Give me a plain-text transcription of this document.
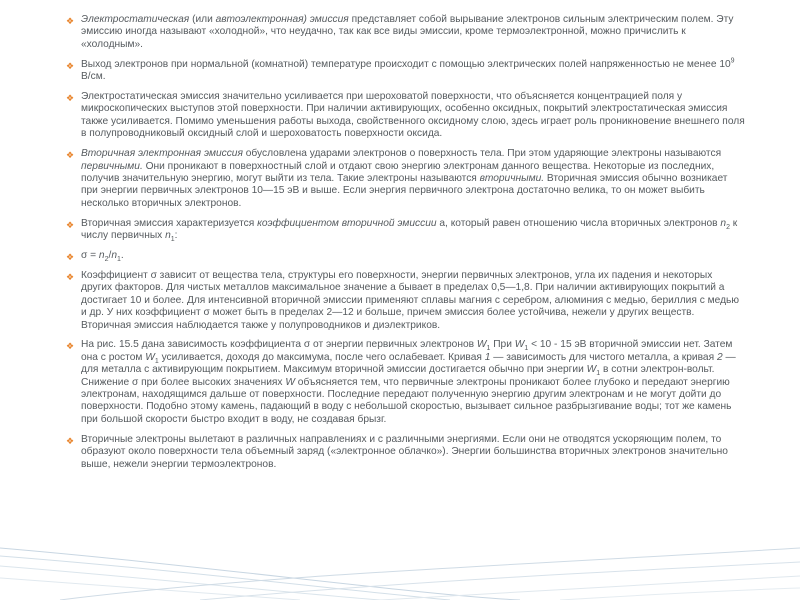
❖ Электростатическая (или автоэлектронная) эмиссия представляет собой вырывание электронов сильным электрическим полем. Эту эмиссию иногда называют «холодной», что неудачно, так как все виды эмиссии, кроме термоэлектронной, можно причислить к «холодным».

❖ Выход электронов при нормальной (комнатной) температуре происходит с помощью электрических полей напряженностью не менее $10^9$ В/см.

❖ Электростатическая эмиссия значительно усиливается при шероховатой поверхности, что объясняется концентрацией поля у микроскопических выступов этой поверхности. При наличии активирующих, особенно оксидных, покрытий электростатическая эмиссия также усиливается. Помимо уменьшения работы выхода, свойственного оксидному слою, здесь играет роль проникновение внешнего поля в полупроводниковый оксидный слой и шероховатость поверхности оксида.

❖ Вторичная электронная эмиссия обусловлена ударами электронов о поверхность тела. При этом ударяющие электроны называются первичными. Они проникают в поверхностный слой и отдают свою энергию электронам данного вещества. Некоторые из последних, получив значительную энергию, могут выйти из тела. Такие электроны называются вторичными. Вторичная эмиссия обычно возникает при энергии первичных электронов 10—15 эВ и выше. Если энергия первичного электрона достаточно велика, то он может выбить несколько вторичных электронов.

❖ Вторичная эмиссия характеризуется коэффициентом вторичной эмиссии a, который равен отношению числа вторичных электронов $n_2$ к числу первичных $n_1$:

❖ $\sigma = n_2/n_1$.

❖ Коэффициент σ зависит от вещества тела, структуры его поверхности, энергии первичных электронов, угла их падения и некоторых других факторов. Для чистых металлов максимальное значение а бывает в пределах 0,5—1,8. При наличии активирующих покрытий а достигает 10 и более. Для интенсивной вторичной эмиссии применяют сплавы магния с серебром, алюминия с медью, бериллия с медью и др. У них коэффициент σ может быть в пределах 2—12 и больше, причем эмиссия более устойчива, нежели у других веществ. Вторичная эмиссия наблюдается также у полупроводников и диэлектриков.

❖ На рис. 15.5 дана зависимость коэффициента σ от энергии первичных электронов $W_1$ При $W_1 < 10 - 15$ эВ вторичной эмиссии нет. Затем она с ростом $W_1$ усиливается, доходя до максимума, после чего ослабевает. Кривая 1 — зависимость для чистого металла, а кривая 2 — для металла с активирующим покрытием. Максимум вторичной эмиссии достигается обычно при энергии $W_1$ в сотни электрон-вольт. Снижение σ при более высоких значениях W объясняется тем, что первичные электроны проникают более глубоко и передают энергию электронам, находящимся дальше от поверхности. Последние передают полученную энергию другим электронам и не могут дойти до поверхности. Подобно этому камень, падающий в воду с небольшой скоростью, вызывает сильное разбрызгивание воды; тот же камень при большой скорости быстро входит в воду, не создавая брызг.

❖ Вторичные электроны вылетают в различных направлениях и с различными энергиями. Если они не отводятся ускоряющим полем, то образуют около поверхности тела объемный заряд («электронное облачко»). Энергии большинства вторичных электронов значительно выше, нежели энергии термоэлектронов.
